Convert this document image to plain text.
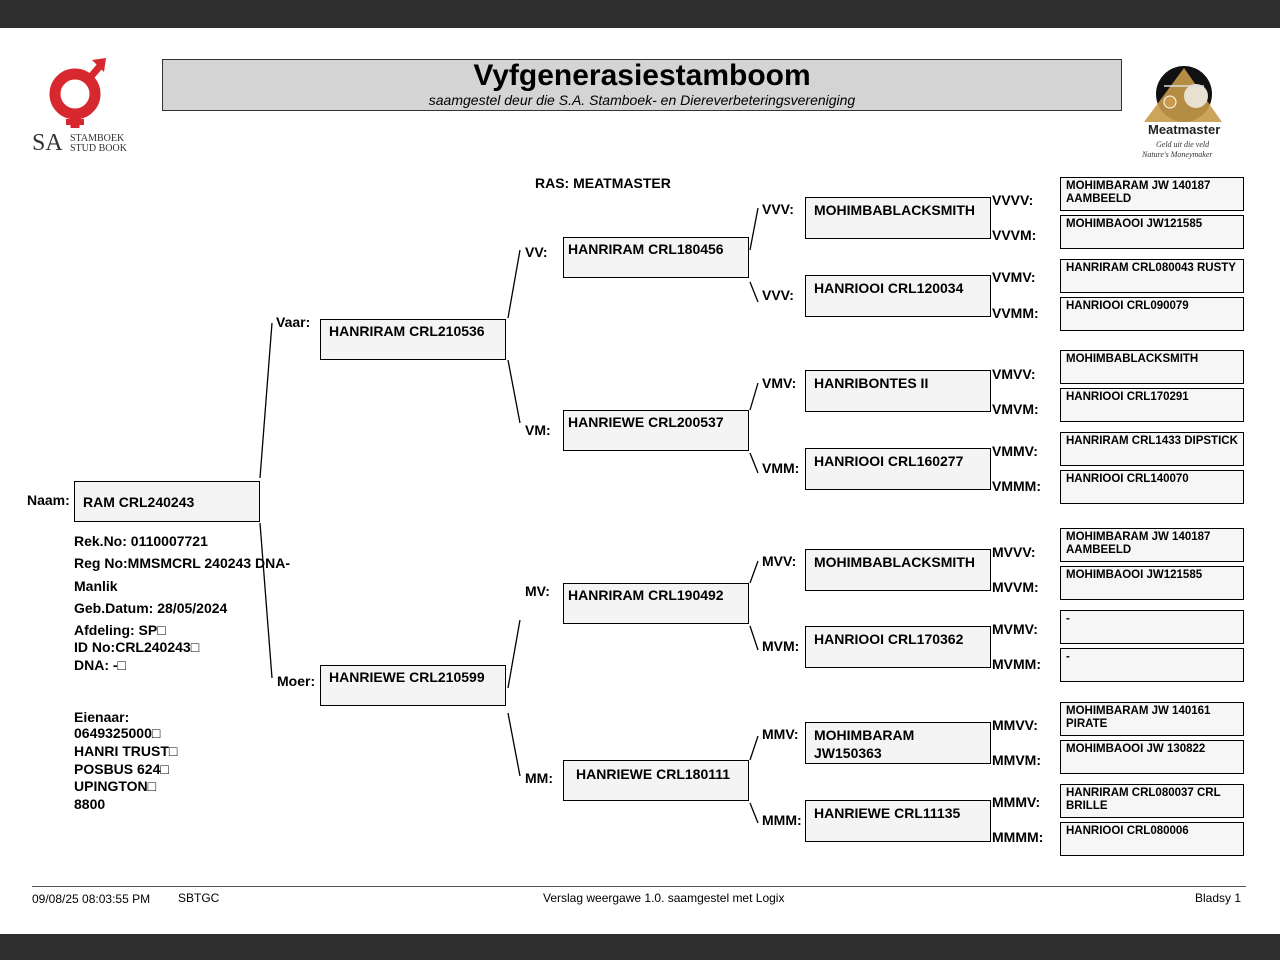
SA STAMBOEK
STUD BOOK
Vyfgenerasiestamboom
saamgestel deur die S.A. Stamboek- en Diereverbeteringsvereniging
Meatmaster
Geld uit die veld
Nature's Moneymaker
RAS: MEATMASTER
Naam: RAM CRL240243
Rek.No: 0110007721
Reg No:MMSMCRL 240243 DNA-
Manlik
Geb.Datum: 28/05/2024
Afdeling: SP□
ID No:CRL240243□
DNA: -□
Eienaar:
0649325000□
HANRI TRUST□
POSBUS 624□
UPINGTON□
8800
Vaar:
HANRIRAM CRL210536
Moer: HANRIEWE CRL210599
VV:	HANRIRAM CRL180456
VM:	HANRIEWE CRL200537
MV:	HANRIRAM CRL190492
MM:	HANRIEWE CRL180111
VVV:	MOHIMBABLACKSMITH
VVV:	HANRIOOI CRL120034
VMV:	HANRIBONTES II
VMM:	HANRIOOI CRL160277
MVV:	MOHIMBABLACKSMITH
MVM:	HANRIOOI CRL170362
MMV: MOHIMBARAM JW150363
MMM: HANRIEWE CRL11135
VVVV:
VVVM:
VVMV:
VVMM:
VMVV:
VMVM:
VMMV:
VMMM:
MVVV:
MVVM:
MVMV:
MVMM:
MMVV:
MMVM:
MMMV:
MMMM:
MOHIMBARAM JW 140187 AAMBEELD
MOHIMBAOOI JW121585
HANRIRAM CRL080043 RUSTY
HANRIOOI CRL090079
MOHIMBABLACKSMITH
HANRIOOI CRL170291
HANRIRAM CRL1433 DIPSTICK
HANRIOOI CRL140070
MOHIMBARAM JW 140187 AAMBEELD
MOHIMBAOOI JW121585
-
-
MOHIMBARAM JW 140161 PIRATE
MOHIMBAOOI JW 130822
HANRIRAM CRL080037 CRL BRILLE
HANRIOOI CRL080006
09/08/25 08:03:55 PM SBTGC	Verslag weergawe 1.0. saamgestel met Logix	Bladsy 1
